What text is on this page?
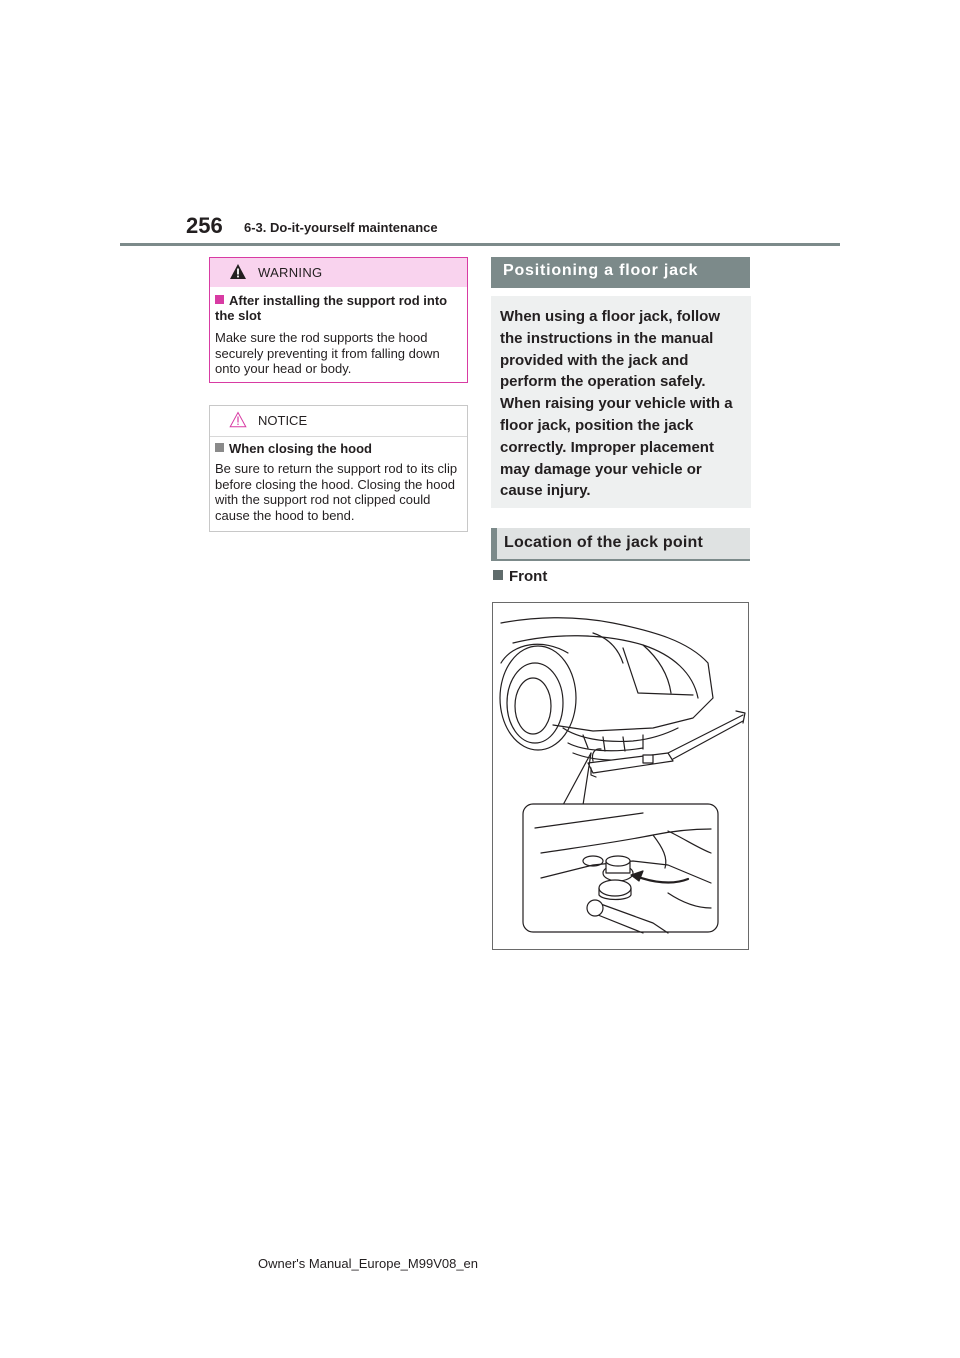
256 6-3. Do-it-yourself maintenance
WARNING
After installing the support rod into the slot
Make sure the rod supports the hood securely preventing it from falling down onto your head or body.
NOTICE
When closing the hood
Be sure to return the support rod to its clip before closing the hood. Closing the hood with the support rod not clipped could cause the hood to bend.
Positioning a floor jack
When using a floor jack, follow the instructions in the manual provided with the jack and perform the operation safely. When raising your vehicle with a floor jack, position the jack correctly. Improper placement may damage your vehicle or cause injury.
Location of the jack point
Front
Owner's Manual_Europe_M99V08_en
